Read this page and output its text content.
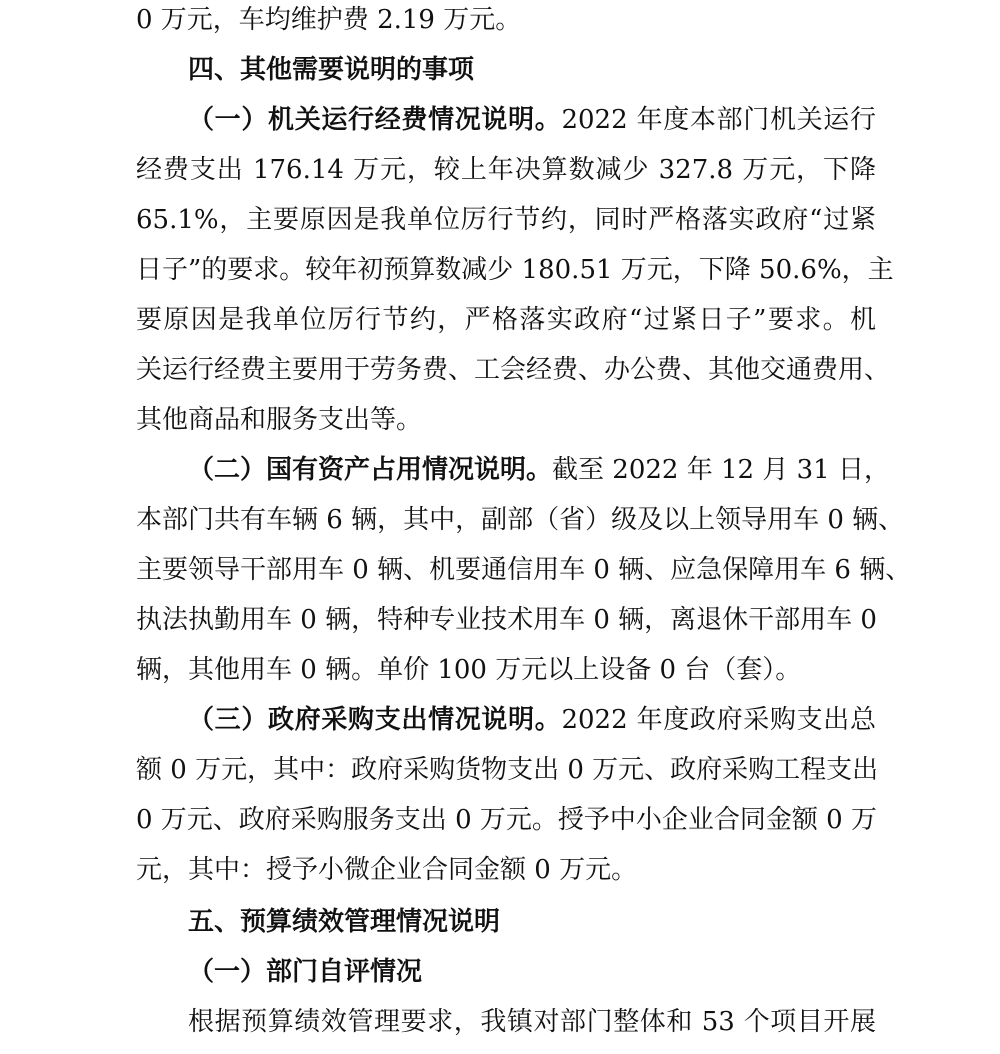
0 万元，车均维护费 2.19 万元。
四、其他需要说明的事项
（一）机关运行经费情况说明。2022 年度本部门机关运行
经费支出 176.14 万元，较上年决算数减少 327.8 万元，下降
65.1%，主要原因是我单位厉行节约，同时严格落实政府“过紧
日子”的要求。较年初预算数减少 180.51 万元，下降 50.6%，主
要原因是我单位厉行节约，严格落实政府“过紧日子”要求。机
关运行经费主要用于劳务费、工会经费、办公费、其他交通费用、
其他商品和服务支出等。
（二）国有资产占用情况说明。截至 2022 年 12 月 31 日，
本部门共有车辆 6 辆，其中，副部（省）级及以上领导用车 0 辆、
主要领导干部用车 0 辆、机要通信用车 0 辆、应急保障用车 6 辆、
执法执勤用车 0 辆，特种专业技术用车 0 辆，离退休干部用车 0
辆，其他用车 0 辆。单价 100 万元以上设备 0 台（套）。
（三）政府采购支出情况说明。2022 年度政府采购支出总
额 0 万元，其中：政府采购货物支出 0 万元、政府采购工程支出
0 万元、政府采购服务支出 0 万元。授予中小企业合同金额 0 万
元，其中：授予小微企业合同金额 0 万元。
五、预算绩效管理情况说明
（一）部门自评情况
根据预算绩效管理要求，我镇对部门整体和 53 个项目开展
